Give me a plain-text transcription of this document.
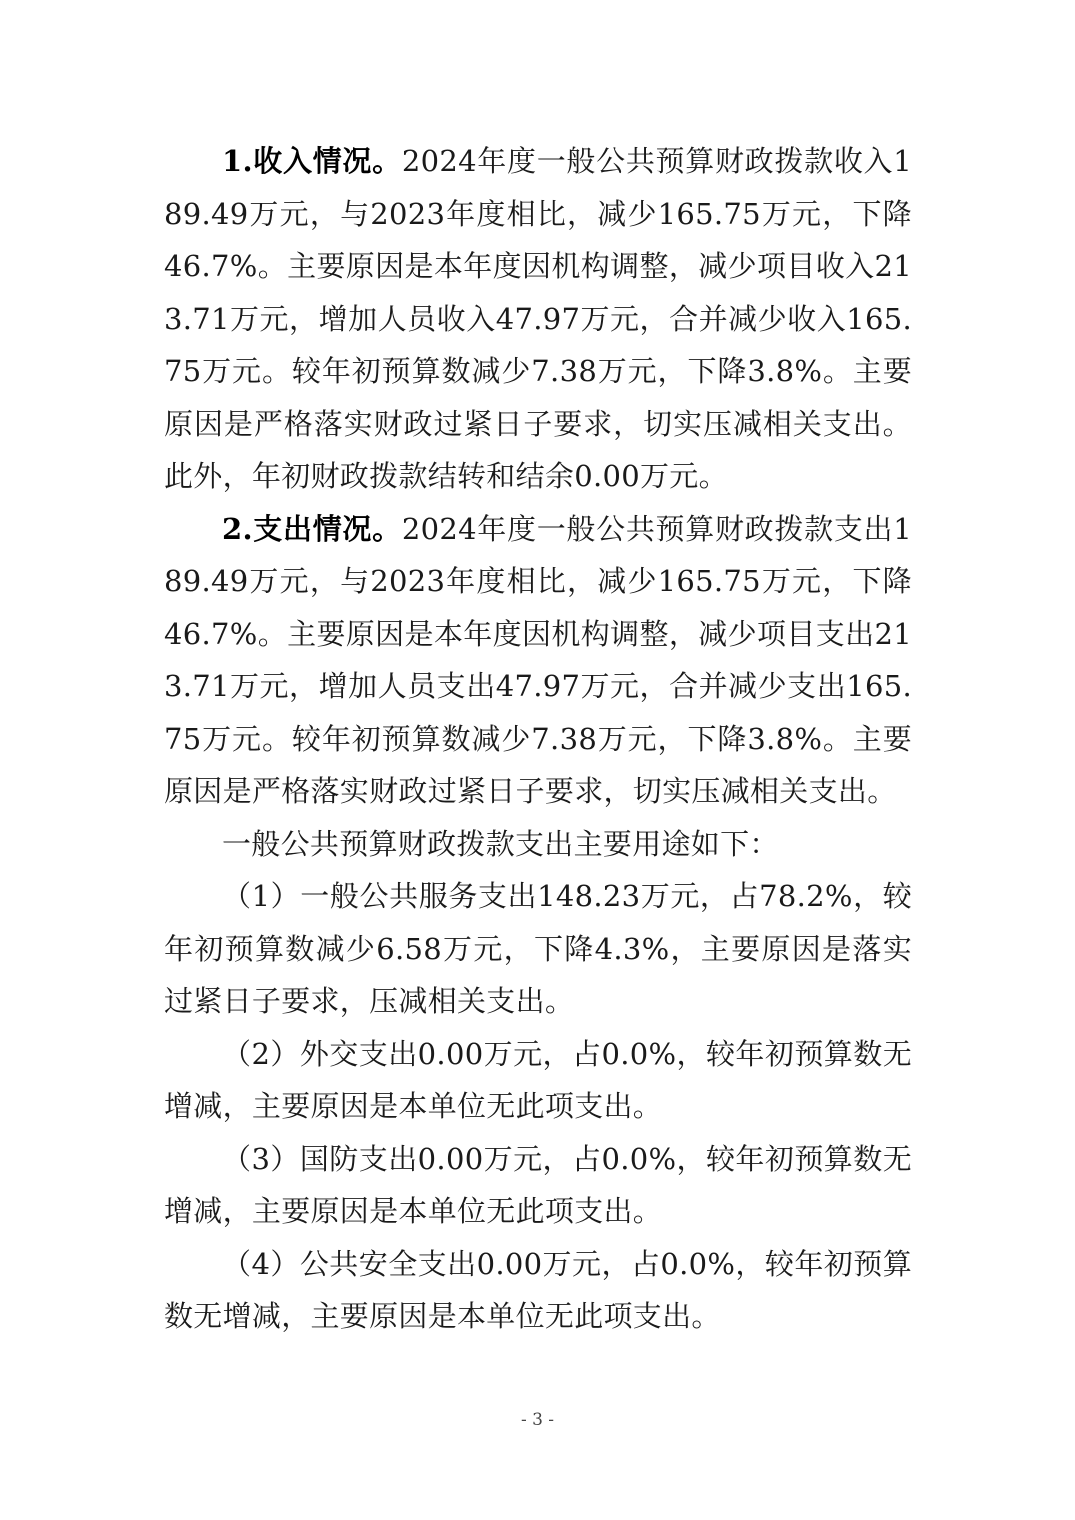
1.收入情况。2024年度一般公共预算财政拨款收入189.49万元，与2023年度相比，减少165.75万元，下降46.7%。主要原因是本年度因机构调整，减少项目收入213.71万元，增加人员收入47.97万元，合并减少收入165.75万元。较年初预算数减少7.38万元，下降3.8%。主要原因是严格落实财政过紧日子要求，切实压减相关支出。此外，年初财政拨款结转和结余0.00万元。

2.支出情况。2024年度一般公共预算财政拨款支出189.49万元，与2023年度相比，减少165.75万元，下降46.7%。主要原因是本年度因机构调整，减少项目支出213.71万元，增加人员支出47.97万元，合并减少支出165.75万元。较年初预算数减少7.38万元，下降3.8%。主要原因是严格落实财政过紧日子要求，切实压减相关支出。

一般公共预算财政拨款支出主要用途如下：

（1）一般公共服务支出148.23万元，占78.2%，较年初预算数减少6.58万元，下降4.3%，主要原因是落实过紧日子要求，压减相关支出。

（2）外交支出0.00万元，占0.0%，较年初预算数无增减，主要原因是本单位无此项支出。

（3）国防支出0.00万元，占0.0%，较年初预算数无增减，主要原因是本单位无此项支出。

（4）公共安全支出0.00万元，占0.0%，较年初预算数无增减，主要原因是本单位无此项支出。

- 3 -
